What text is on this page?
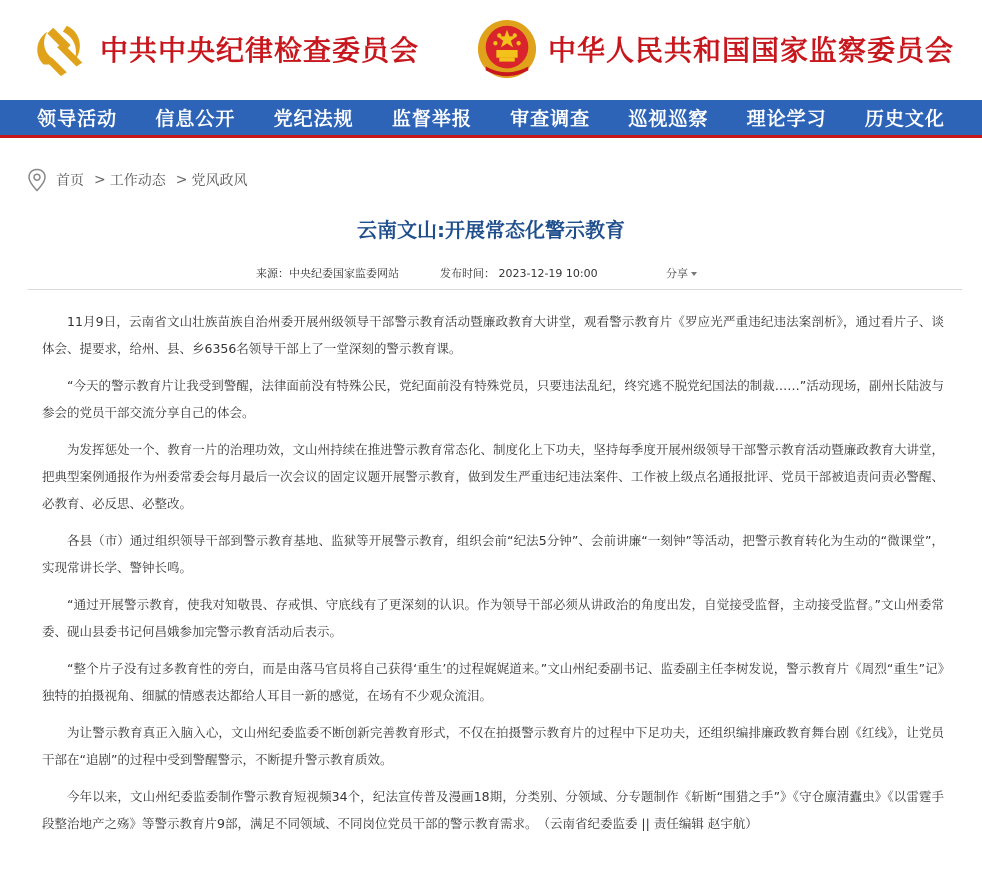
中共中央纪律检查委员会	中华人民共和国国家监察委员会
领导活动 信息公开 党纪法规 监督举报 审查调查 巡视巡察 理论学习 历史文化
首页 > 工作动态 > 党风政风
云南文山:开展常态化警示教育
来源：中央纪委国家监委网站	发布时间： 2023-12-19 10:00	分享

11月9日，云南省文山壮族苗族自治州委开展州级领导干部警示教育活动暨廉政教育大讲堂，观看警示教育片《罗应光严重违纪违法案剖析》，通过看片子、谈体会、提要求，给州、县、乡6356名领导干部上了一堂深刻的警示教育课。

“今天的警示教育片让我受到警醒，法律面前没有特殊公民，党纪面前没有特殊党员，只要违法乱纪，终究逃不脱党纪国法的制裁……”活动现场，副州长陆波与参会的党员干部交流分享自己的体会。

为发挥惩处一个、教育一片的治理功效，文山州持续在推进警示教育常态化、制度化上下功夫，坚持每季度开展州级领导干部警示教育活动暨廉政教育大讲堂，把典型案例通报作为州委常委会每月最后一次会议的固定议题开展警示教育，做到发生严重违纪违法案件、工作被上级点名通报批评、党员干部被追责问责必警醒、必教育、必反思、必整改。

各县（市）通过组织领导干部到警示教育基地、监狱等开展警示教育，组织会前“纪法5分钟”、会前讲廉“一刻钟”等活动，把警示教育转化为生动的“微课堂”，实现常讲长学、警钟长鸣。

“通过开展警示教育，使我对知敬畏、存戒惧、守底线有了更深刻的认识。作为领导干部必须从讲政治的角度出发，自觉接受监督，主动接受监督。”文山州委常委、砚山县委书记何昌娥参加完警示教育活动后表示。

“整个片子没有过多教育性的旁白，而是由落马官员将自己获得‘重生’的过程娓娓道来。”文山州纪委副书记、监委副主任李树发说，警示教育片《周烈“重生”记》独特的拍摄视角、细腻的情感表达都给人耳目一新的感觉，在场有不少观众流泪。

为让警示教育真正入脑入心，文山州纪委监委不断创新完善教育形式，不仅在拍摄警示教育片的过程中下足功夫，还组织编排廉政教育舞台剧《红线》，让党员干部在“追剧”的过程中受到警醒警示，不断提升警示教育质效。

今年以来，文山州纪委监委制作警示教育短视频34个，纪法宣传普及漫画18期，分类别、分领域、分专题制作《斩断“围猎之手”》《守仓廪清蠹虫》《以雷霆手段整治地产之殇》等警示教育片9部，满足不同领域、不同岗位党员干部的警示教育需求。　（云南省纪委监委 || 责任编辑 赵宇航）
